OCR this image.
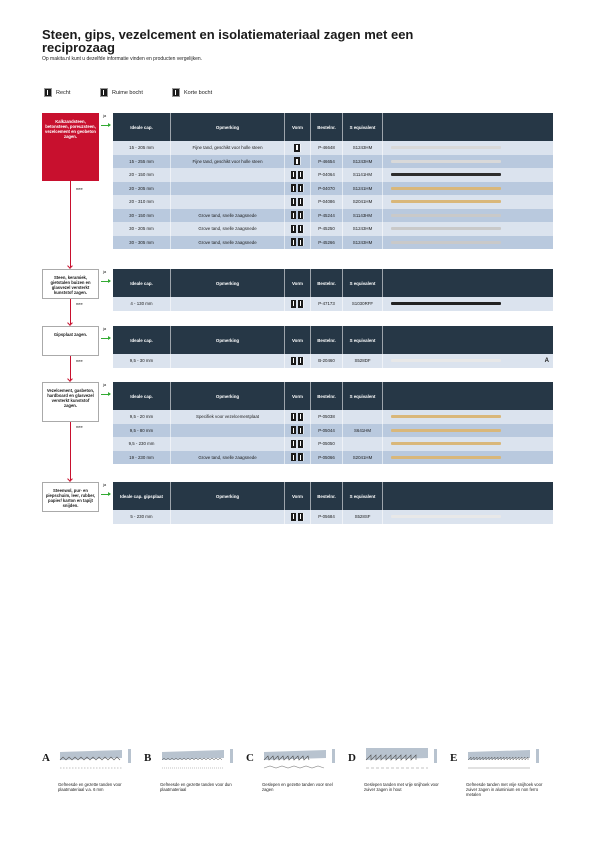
Steen, gips, vezelcement en isolatiemateriaal zagen met een reciprozaag
Op makita.nl kunt u dezelfde informatie vinden en producten vergelijken.
Recht	Ruime bocht	Korte bocht
Kalkzandsteen, betonsteen, poreuzsteen, vezelcement en geobeton zagen.
ja
nee
Ideale cap.	Opmerking	Vorm	Bestelnr.	S equivalent
15 - 205 mm	Fijne tand, geschikt voor holle steen	P-46648	S1243HM
15 - 255 mm	Fijne tand, geschikt voor holle steen	P-46654	S1243HM
20 - 150 mm	P-04064	S1141HM
20 - 205 mm	P-04070	S1241HM
20 - 310 mm	P-04086	S2041HM
30 - 150 mm	Grove tand, snelle zaagsnede	P-45244	S1143HM
30 - 205 mm	Grove tand, snelle zaagsnede	P-45250	S1243HM
30 - 305 mm	Grove tand, snelle zaagsnede	P-45266	S1243HM
Steen, keramiek, gietstalen buizen en glasvezel versterkt kunststof zagen.
ja
nee
Ideale cap.	Opmerking	Vorm	Bestelnr.	S equivalent
4 - 130 mm	P-47173	S1030RFF
Gipsplaat zagen.
ja
nee
Ideale cap.	Opmerking	Vorm	Bestelnr.	S equivalent
9,5 - 30 mm	B-20460	S528DF	A
Vezelcement, gasbeton, hardboard en glasvezel versterkt kunststof zagen.
ja
nee
Ideale cap.	Opmerking	Vorm	Bestelnr.	S equivalent
9,5 - 20 mm	Specifiek voor vezelcementplaat	P-05038
9,5 - 80 mm	P-05044	S641HM
9,5 - 230 mm	P-05050
19 - 230 mm	Grove tand, snelle zaagsnede	P-05066	S2041HM
Steenwol, pur- en piepschuim, leer, rubber, papier/ karton en tapijt snijden.
ja
Ideale cap. gipsplaat	Opmerking	Vorm	Bestelnr.	S equivalent
5 - 230 mm	P-05684	S528SF
A
Gefreesde en gezette tanden voor plaatmateriaal v.a. 6 mm
B
Gefreesde en gezette tanden voor dun plaatmateriaal
C
Geslepen en gezette tanden voor snel zagen
D
Geslepen tanden met vrije snijhoek voor zuiver zagen in hout
E
Gefreesde tanden met vrije snijhoek voor zuiver zagen in aluminium en non ferro metalen
